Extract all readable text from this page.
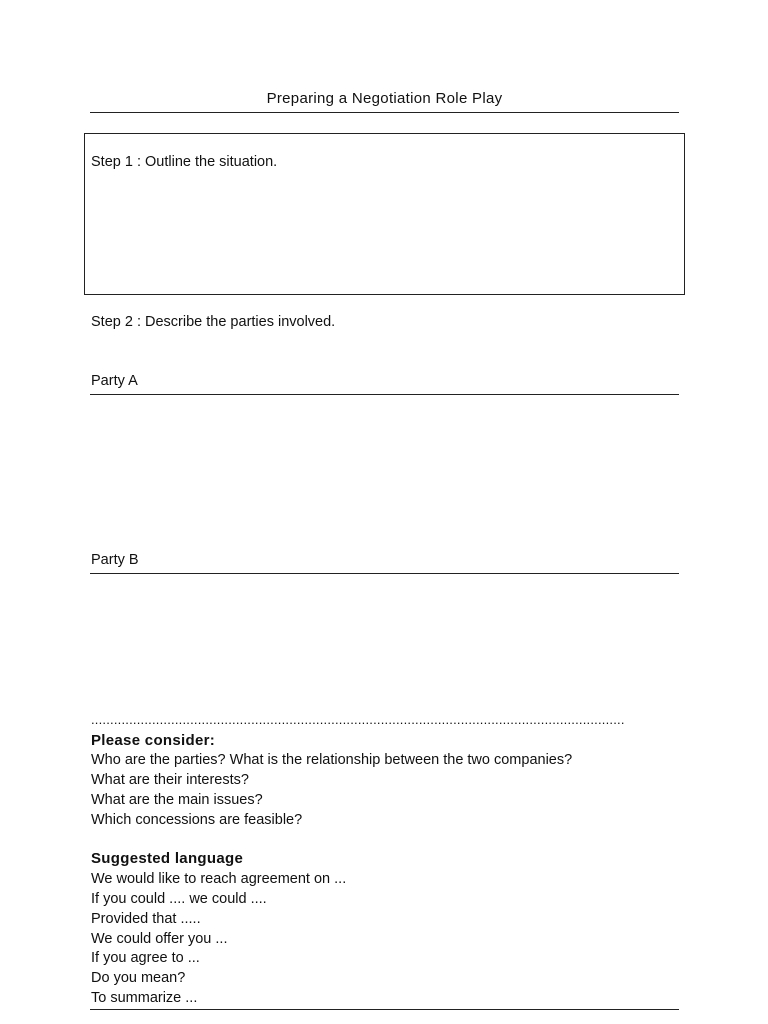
Preparing a Negotiation Role Play
Step 1 : Outline the situation.
Step 2 : Describe the parties involved.
Party A
Party B
............................................................................................................................................
Please consider:
Who are the parties? What is the relationship between the two companies?
What are their interests?
What are the main issues?
Which concessions are feasible?
Suggested language
We would like to reach agreement on ...
If you could .... we could ....
Provided that .....
We could offer you ...
If you agree to ...
Do you mean?
To summarize ...
